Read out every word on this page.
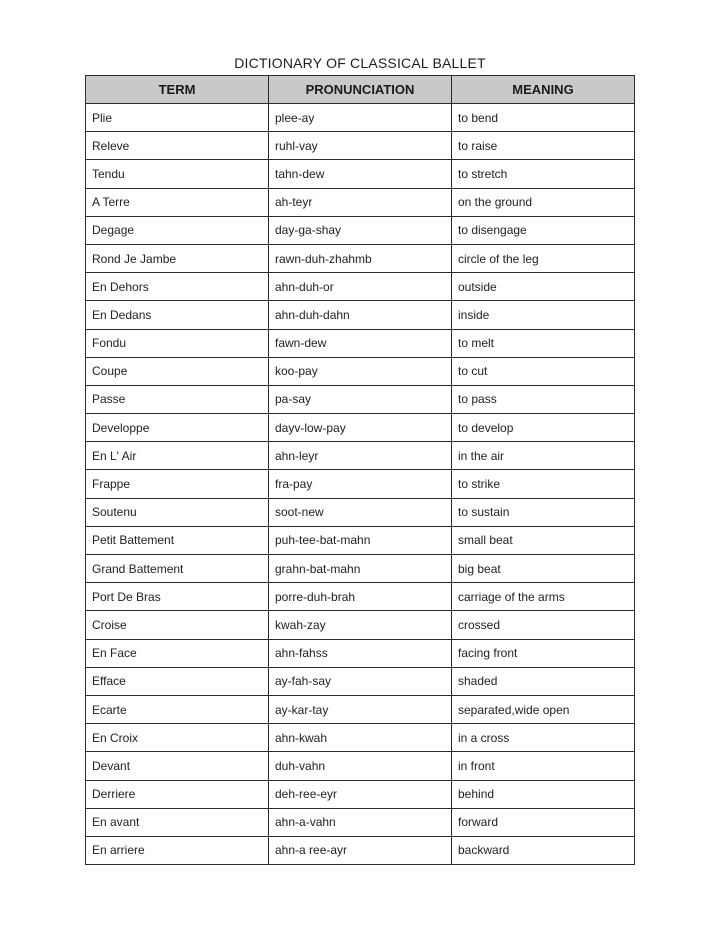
DICTIONARY OF CLASSICAL BALLET
TERM	PRONUNCIATION	MEANING
Plie	plee-ay	to bend
Releve	ruhl-vay	to raise
Tendu	tahn-dew	to stretch
A Terre	ah-teyr	on the ground
Degage	day-ga-shay	to disengage
Rond Je Jambe	rawn-duh-zhahmb	circle of the leg
En Dehors	ahn-duh-or	outside
En Dedans	ahn-duh-dahn	inside
Fondu	fawn-dew	to melt
Coupe	koo-pay	to cut
Passe	pa-say	to pass
Developpe	dayv-low-pay	to develop
En L' Air	ahn-leyr	in the air
Frappe	fra-pay	to strike
Soutenu	soot-new	to sustain
Petit Battement	puh-tee-bat-mahn	small beat
Grand Battement	grahn-bat-mahn	big beat
Port De Bras	porre-duh-brah	carriage of the arms
Croise	kwah-zay	crossed
En Face	ahn-fahss	facing front
Efface	ay-fah-say	shaded
Ecarte	ay-kar-tay	separated,wide open
En Croix	ahn-kwah	in a cross
Devant	duh-vahn	in front
Derriere	deh-ree-eyr	behind
En avant	ahn-a-vahn	forward
En arriere	ahn-a ree-ayr	backward
